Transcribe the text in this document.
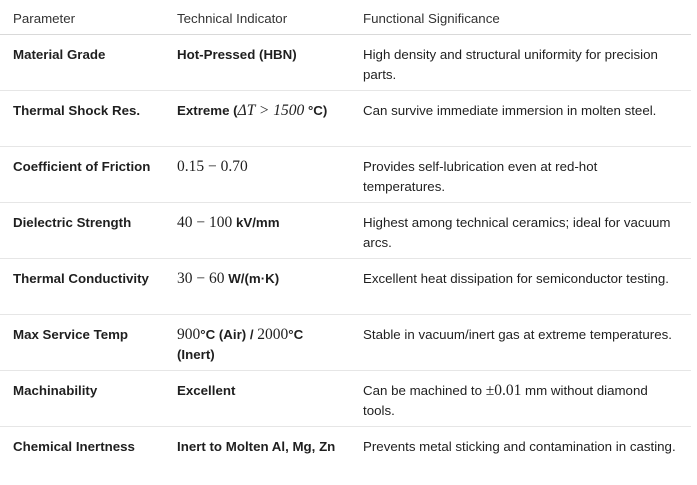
Parameter	Technical Indicator	Functional Significance
Material Grade	Hot-Pressed (HBN)	High density and structural uniformity for precision parts.
Thermal Shock Res.	Extreme (ΔT > 1500 °C)	Can survive immediate immersion in molten steel.
Coefficient of Friction	0.15 − 0.70	Provides self-lubrication even at red-hot temperatures.
Dielectric Strength	40 − 100 kV/mm	Highest among technical ceramics; ideal for vacuum arcs.
Thermal Conductivity	30 − 60 W/(m·K)	Excellent heat dissipation for semiconductor testing.
Max Service Temp	900°C (Air) / 2000°C (Inert)	Stable in vacuum/inert gas at extreme temperatures.
Machinability	Excellent	Can be machined to ±0.01 mm without diamond tools.
Chemical Inertness	Inert to Molten Al, Mg, Zn	Prevents metal sticking and contamination in casting.
